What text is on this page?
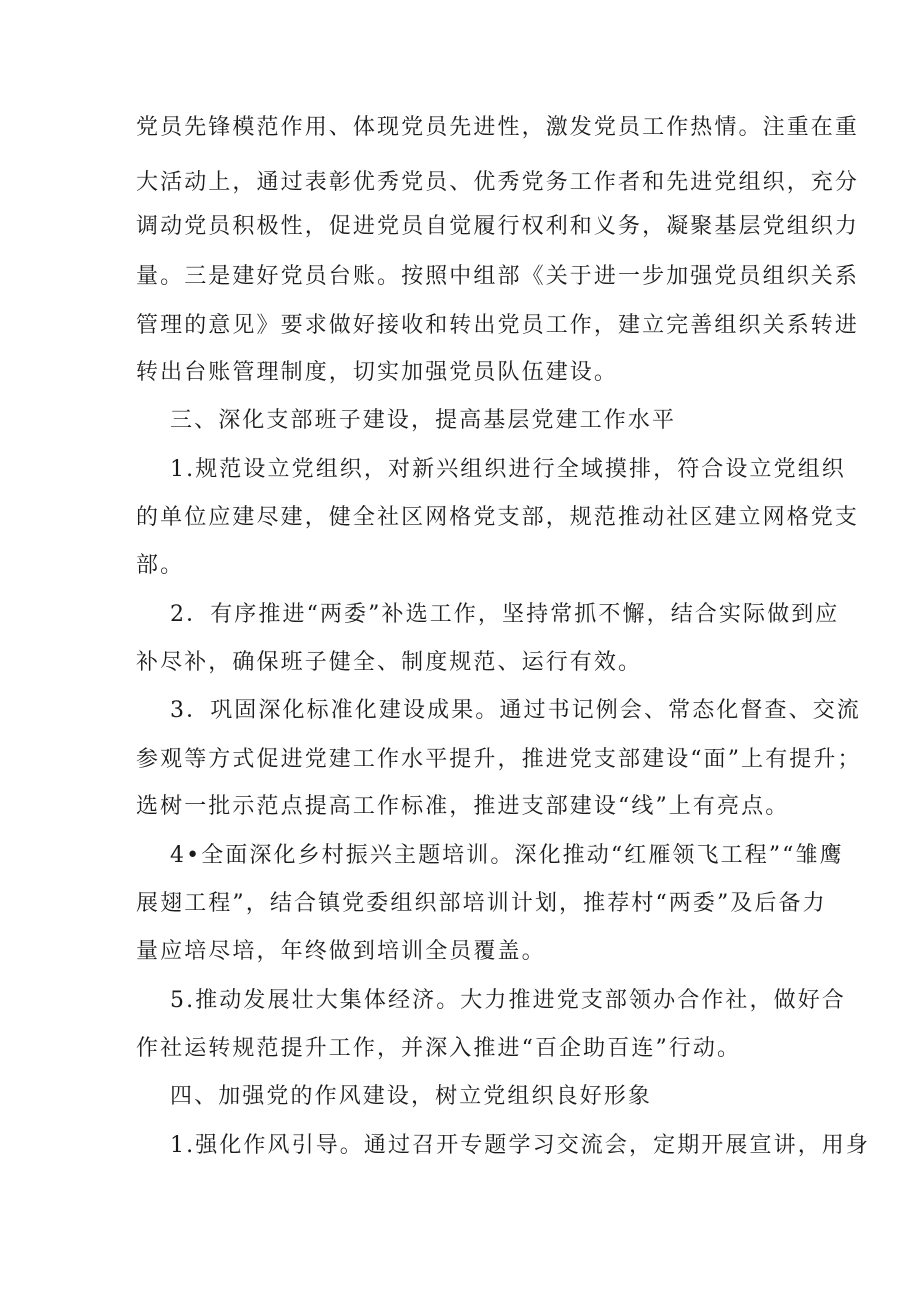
党员先锋模范作用、体现党员先进性，激发党员工作热情。注重在重
大活动上，通过表彰优秀党员、优秀党务工作者和先进党组织，充分
调动党员积极性，促进党员自觉履行权利和义务，凝聚基层党组织力
量。三是建好党员台账。按照中组部《关于进一步加强党员组织关系
管理的意见》要求做好接收和转出党员工作，建立完善组织关系转进
转出台账管理制度，切实加强党员队伍建设。
三、深化支部班子建设，提高基层党建工作水平
1.规范设立党组织，对新兴组织进行全域摸排，符合设立党组织
的单位应建尽建，健全社区网格党支部，规范推动社区建立网格党支
部。
2．有序推进“两委”补选工作，坚持常抓不懈，结合实际做到应
补尽补，确保班子健全、制度规范、运行有效。
3．巩固深化标准化建设成果。通过书记例会、常态化督查、交流
参观等方式促进党建工作水平提升，推进党支部建设“面”上有提升；
选树一批示范点提高工作标准，推进支部建设“线”上有亮点。
4•全面深化乡村振兴主题培训。深化推动“红雁领飞工程”“雏鹰
展翅工程”，结合镇党委组织部培训计划，推荐村“两委”及后备力
量应培尽培，年终做到培训全员覆盖。
5.推动发展壮大集体经济。大力推进党支部领办合作社，做好合
作社运转规范提升工作，并深入推进“百企助百连”行动。
四、加强党的作风建设，树立党组织良好形象
1.强化作风引导。通过召开专题学习交流会，定期开展宣讲，用身
